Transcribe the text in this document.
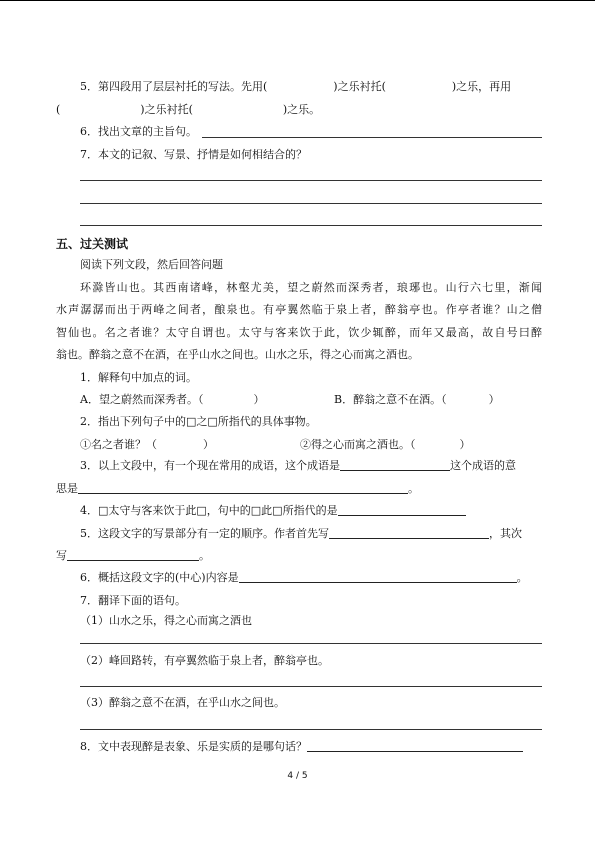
5．第四段用了层层衬托的写法。先用(	)之乐衬托(	)之乐，再用
(	)之乐衬托(	)之乐。
6．找出文章的主旨句。
7．本文的记叙、写景、抒情是如何相结合的？
五、过关测试
阅读下列文段，然后回答问题
环滁皆山也。其西南诸峰，林壑尤美，望之蔚然而深秀者，琅琊也。山行六七里，渐闻
水声潺潺而出于两峰之间者，酿泉也。有亭翼然临于泉上者，醉翁亭也。作亭者谁？山之僧
智仙也。名之者谁？太守自谓也。太守与客来饮于此，饮少辄醉，而年又最高，故自号曰醉
翁也。醉翁之意不在酒，在乎山水之间也。山水之乐，得之心而寓之酒也。
1．解释句中加点的词。
A．望之蔚然而深秀者。（	）	B．醉翁之意不在酒。（	）
2．指出下列句子中的□之□所指代的具体事物。
①名之者谁？（	）	②得之心而寓之酒也。（	）
3．以上文段中，有一个现在常用的成语，这个成语是	这个成语的意
思是	。
4．□太守与客来饮于此□，句中的□此□所指代的是
5．这段文字的写景部分有一定的顺序。作者首先写	，其次
写	。
6．概括这段文字的(中心)内容是	。
7．翻译下面的语句。
（1）山水之乐，得之心而寓之酒也
（2）峰回路转，有亭翼然临于泉上者，醉翁亭也。
（3）醉翁之意不在酒，在乎山水之间也。
8．文中表现醉是表象、乐是实质的是哪句话？
4 / 5
